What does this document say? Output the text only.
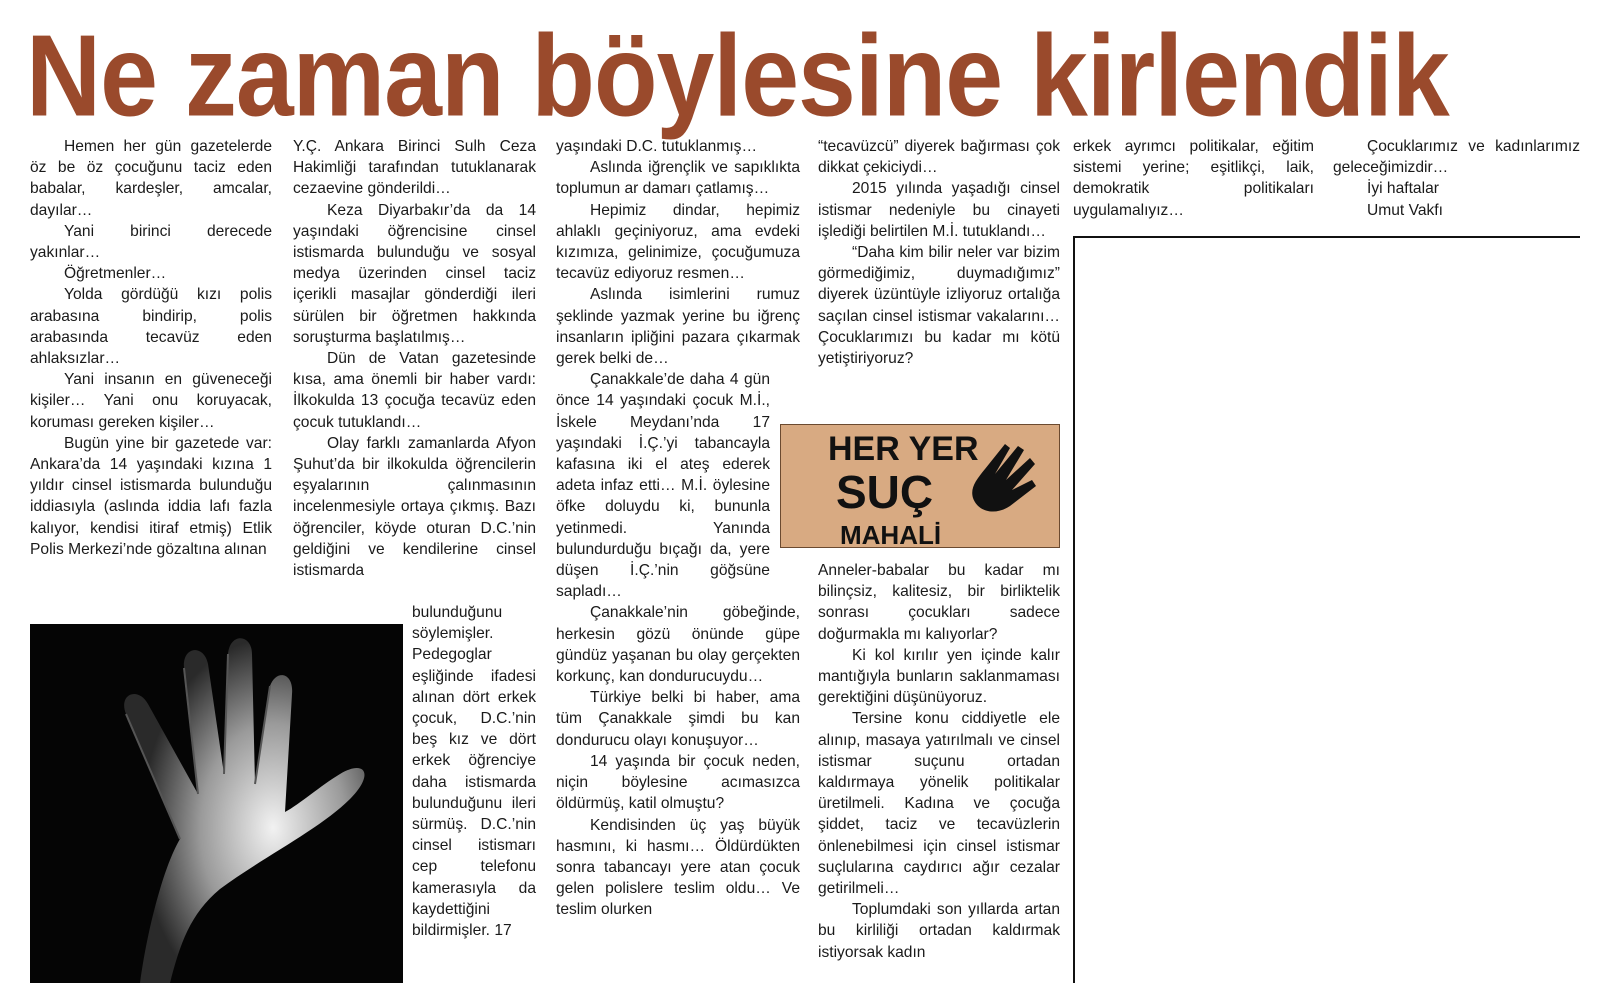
Ne zaman böylesine kirlendik

Hemen her gün gazetelerde öz be öz çocuğunu taciz eden babalar, kardeşler, amcalar, dayılar…

Yani birinci derecede yakınlar…

Öğretmenler…

Yolda gördüğü kızı polis arabasına bindirip, polis arabasında tecavüz eden ahlaksızlar…

Yani insanın en güveneceği kişiler… Yani onu koruyacak, koruması gereken kişiler…

Bugün yine bir gazetede var: Ankara’da 14 yaşındaki kızına 1 yıldır cinsel istismarda bulunduğu iddiasıyla (aslında iddia lafı fazla kalıyor, kendisi itiraf etmiş) Etlik Polis Merkezi’nde gözaltına alınan

Y.Ç. Ankara Birinci Sulh Ceza Hakimliği tarafından tutuklanarak cezaevine gönderildi…

Keza Diyarbakır’da da 14 yaşındaki öğrencisine cinsel istismarda bulunduğu ve sosyal medya üzerinden cinsel taciz içerikli masajlar gönderdiği ileri sürülen bir öğretmen hakkında soruşturma başlatılmış…

Dün de Vatan gazetesinde kısa, ama önemli bir haber vardı: İlkokulda 13 çocuğa tecavüz eden çocuk tutuklandı…

Olay farklı zamanlarda Afyon Şuhut’da bir ilkokulda öğrencilerin eşyalarının çalınmasının incelenmesiyle ortaya çıkmış. Bazı öğrenciler, köyde oturan D.C.’nin geldiğini ve kendilerine cinsel istismarda

bulunduğunu söylemişler. Pedegoglar eşliğinde ifadesi alınan dört erkek çocuk, D.C.’nin beş kız ve dört erkek öğrenciye daha istismarda bulunduğunu ileri sürmüş. D.C.’nin cinsel istismarı cep telefonu kamerasıyla da kaydettiğini bildirmişler. 17

yaşındaki D.C. tutuklanmış…

Aslında iğrençlik ve sapıklıkta toplumun ar damarı çatlamış…

Hepimiz dindar, hepimiz ahlaklı geçiniyoruz, ama evdeki kızımıza, gelinimize, çocuğumuza tecavüz ediyoruz resmen…

Aslında isimlerini rumuz şeklinde yazmak yerine bu iğrenç insanların ipliğini pazara çıkarmak gerek belki de…

Çanakkale’de daha 4 gün önce 14 yaşındaki çocuk M.İ., İskele Meydanı’nda 17 yaşındaki İ.Ç.’yi tabancayla kafasına iki el ateş ederek adeta infaz etti… M.İ. öylesine öfke doluydu ki, bununla yetinmedi. Yanında bulundurduğu bıçağı da, yere düşen İ.Ç.’nin göğsüne sapladı…

Çanakkale’nin göbeğinde, herkesin gözü önünde güpe gündüz yaşanan bu olay gerçekten korkunç, kan dondurucuydu…

Türkiye belki bi haber, ama tüm Çanakkale şimdi bu kan dondurucu olayı konuşuyor…

14 yaşında bir çocuk neden, niçin böylesine acımasızca öldürmüş, katil olmuştu?

Kendisinden üç yaş büyük hasmını, ki hasmı… Öldürdükten sonra tabancayı yere atan çocuk gelen polislere teslim oldu… Ve teslim olurken

“tecavüzcü” diyerek bağırması çok dikkat çekiciydi…

2015 yılında yaşadığı cinsel istismar nedeniyle bu cinayeti işlediği belirtilen M.İ. tutuklandı…

“Daha kim bilir neler var bizim görmediğimiz, duymadığımız” diyerek üzüntüyle izliyoruz ortalığa saçılan cinsel istismar vakalarını… Çocuklarımızı bu kadar mı kötü yetiştiriyoruz?

HER YER
SUÇ
MAHALİ

Anneler-babalar bu kadar mı bilinçsiz, kalitesiz, bir birliktelik sonrası çocukları sadece doğurmakla mı kalıyorlar?

Ki kol kırılır yen içinde kalır mantığıyla bunların saklanmaması gerektiğini düşünüyoruz.

Tersine konu ciddiyetle ele alınıp, masaya yatırılmalı ve cinsel istismar suçunu ortadan kaldırmaya yönelik politikalar üretilmeli. Kadına ve çocuğa şiddet, taciz ve tecavüzlerin önlenebilmesi için cinsel istismar suçlularına caydırıcı ağır cezalar getirilmeli…

Toplumdaki son yıllarda artan bu kirliliği ortadan kaldırmak istiyorsak kadın

erkek ayrımcı politikalar, eğitim sistemi yerine; eşitlikçi, laik, demokratik politikaları uygulamalıyız…

Çocuklarımız ve kadınlarımız geleceğimizdir…

İyi haftalar

Umut Vakfı
